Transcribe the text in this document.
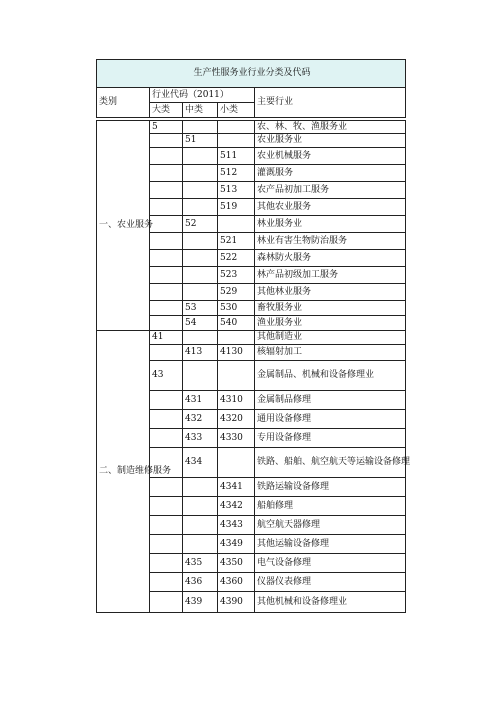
生产性服务业行业分类及代码				
类别	行业代码（2011）			主要行业
	大类	中类	小类	

一、农业服务	5			农、林、牧、渔服务业
		51		农业服务业
			511	农业机械服务
			512	灌溉服务
			513	农产品初加工服务
			519	其他农业服务
		52		林业服务业
			521	林业有害生物防治服务
			522	森林防火服务
			523	林产品初级加工服务
			529	其他林业服务
		53	530	畜牧服务业
		54	540	渔业服务业
二、制造维修服务	41			其他制造业
		413	4130	核辐射加工
	43			金属制品、机械和设备修理业
		431	4310	金属制品修理
		432	4320	通用设备修理
		433	4330	专用设备修理
		434		铁路、船舶、航空航天等运输设备修理
			4341	铁路运输设备修理
			4342	船舶修理
			4343	航空航天器修理
			4349	其他运输设备修理
		435	4350	电气设备修理
		436	4360	仪器仪表修理
		439	4390	其他机械和设备修理业
